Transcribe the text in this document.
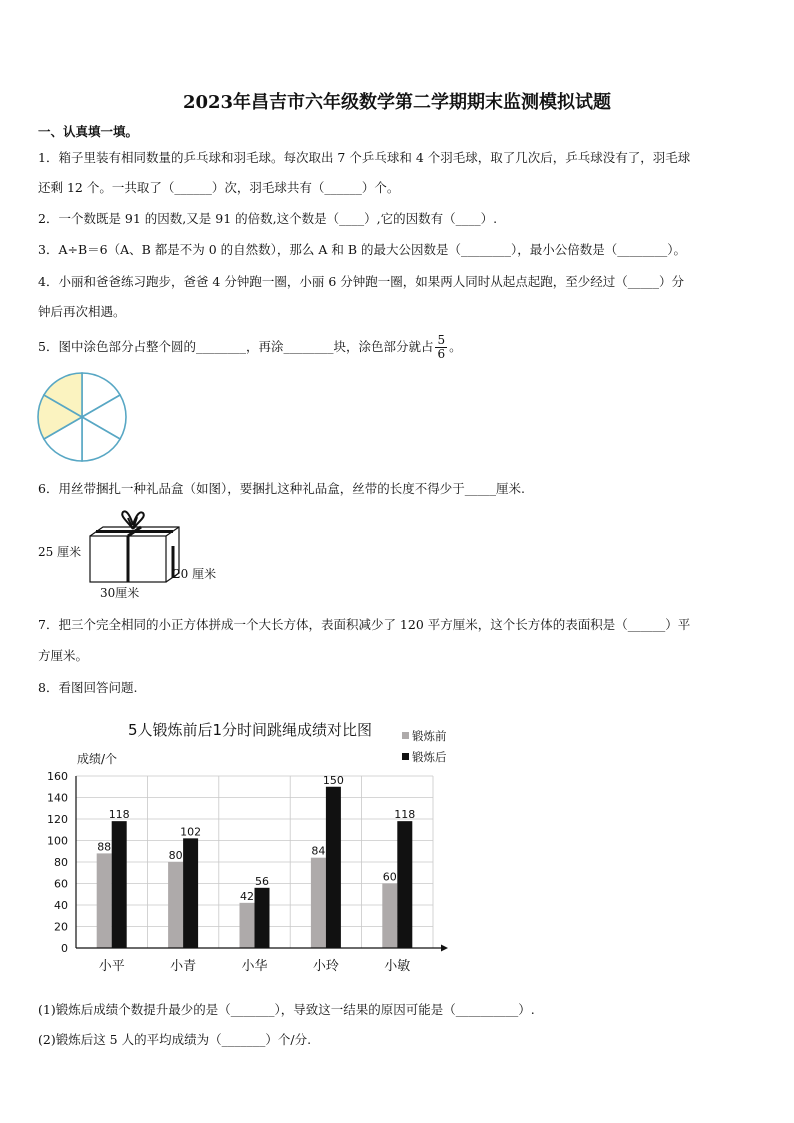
2023年昌吉市六年级数学第二学期期末监测模拟试题
一、认真填一填。
1．箱子里装有相同数量的乒乓球和羽毛球。每次取出 7 个乒乓球和 4 个羽毛球，取了几次后，乒乓球没有了，羽毛球
还剩 12 个。一共取了（______）次，羽毛球共有（______）个。
2．一个数既是 91 的因数,又是 91 的倍数,这个数是（____）,它的因数有（____）.
3．A÷B＝6（A、B 都是不为 0 的自然数），那么 A 和 B 的最大公因数是（________），最小公倍数是（________）。
4．小丽和爸爸练习跑步，爸爸 4 分钟跑一圈，小丽 6 分钟跑一圈，如果两人同时从起点起跑，至少经过（_____）分
钟后再次相遇。
5．图中涂色部分占整个圆的________，再涂________块，涂色部分就占 $\frac{5}{6}$ 。
6．用丝带捆扎一种礼品盒（如图），要捆扎这种礼品盒，丝带的长度不得少于_____厘米.
25 厘米
20 厘米
30厘米
7．把三个完全相同的小正方体拼成一个大长方体，表面积减少了 120 平方厘米，这个长方体的表面积是（______）平
方厘米。
8．看图回答问题.
5人锻炼前后1分时间跳绳成绩对比图
成绩/个
88
118
80
102
42
56
84
150
60
118
0
20
40
60
80
100
120
140
160
小平	小青	小华	小玲	小敏
锻炼前
锻炼后
(1)锻炼后成绩个数提升最少的是（_______），导致这一结果的原因可能是（__________）.
(2)锻炼后这 5 人的平均成绩为（_______）个/分.
